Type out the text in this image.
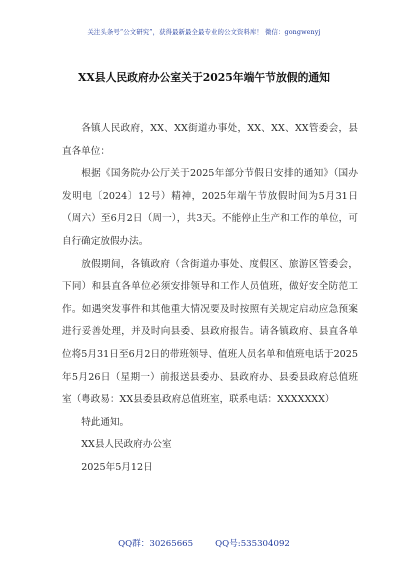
关注头条号“公文研究”，获得最新最全最专业的公文资料库！ 微信：gongwenyj
XX县人民政府办公室关于2025年端午节放假的通知

各镇人民政府，XX、XX街道办事处，XX、XX、XX管委会，县直各单位：

根据《国务院办公厅关于2025年部分节假日安排的通知》（国办发明电〔2024〕12号）精神，2025年端午节放假时间为5月31日（周六）至6月2日（周一），共3天。不能停止生产和工作的单位，可自行确定放假办法。

放假期间，各镇政府（含街道办事处、度假区、旅游区管委会，下同）和县直各单位必须安排领导和工作人员值班，做好安全防范工作。如遇突发事件和其他重大情况要及时按照有关规定启动应急预案进行妥善处理，并及时向县委、县政府报告。请各镇政府、县直各单位将5月31日至6月2日的带班领导、值班人员名单和值班电话于2025年5月26日（星期一）前报送县委办、县政府办、县委县政府总值班室（粤政易：XX县委县政府总值班室，联系电话：XXXXXXX）

特此通知。

XX县人民政府办公室

2025年5月12日

QQ群：30265665	QQ号:535304092
